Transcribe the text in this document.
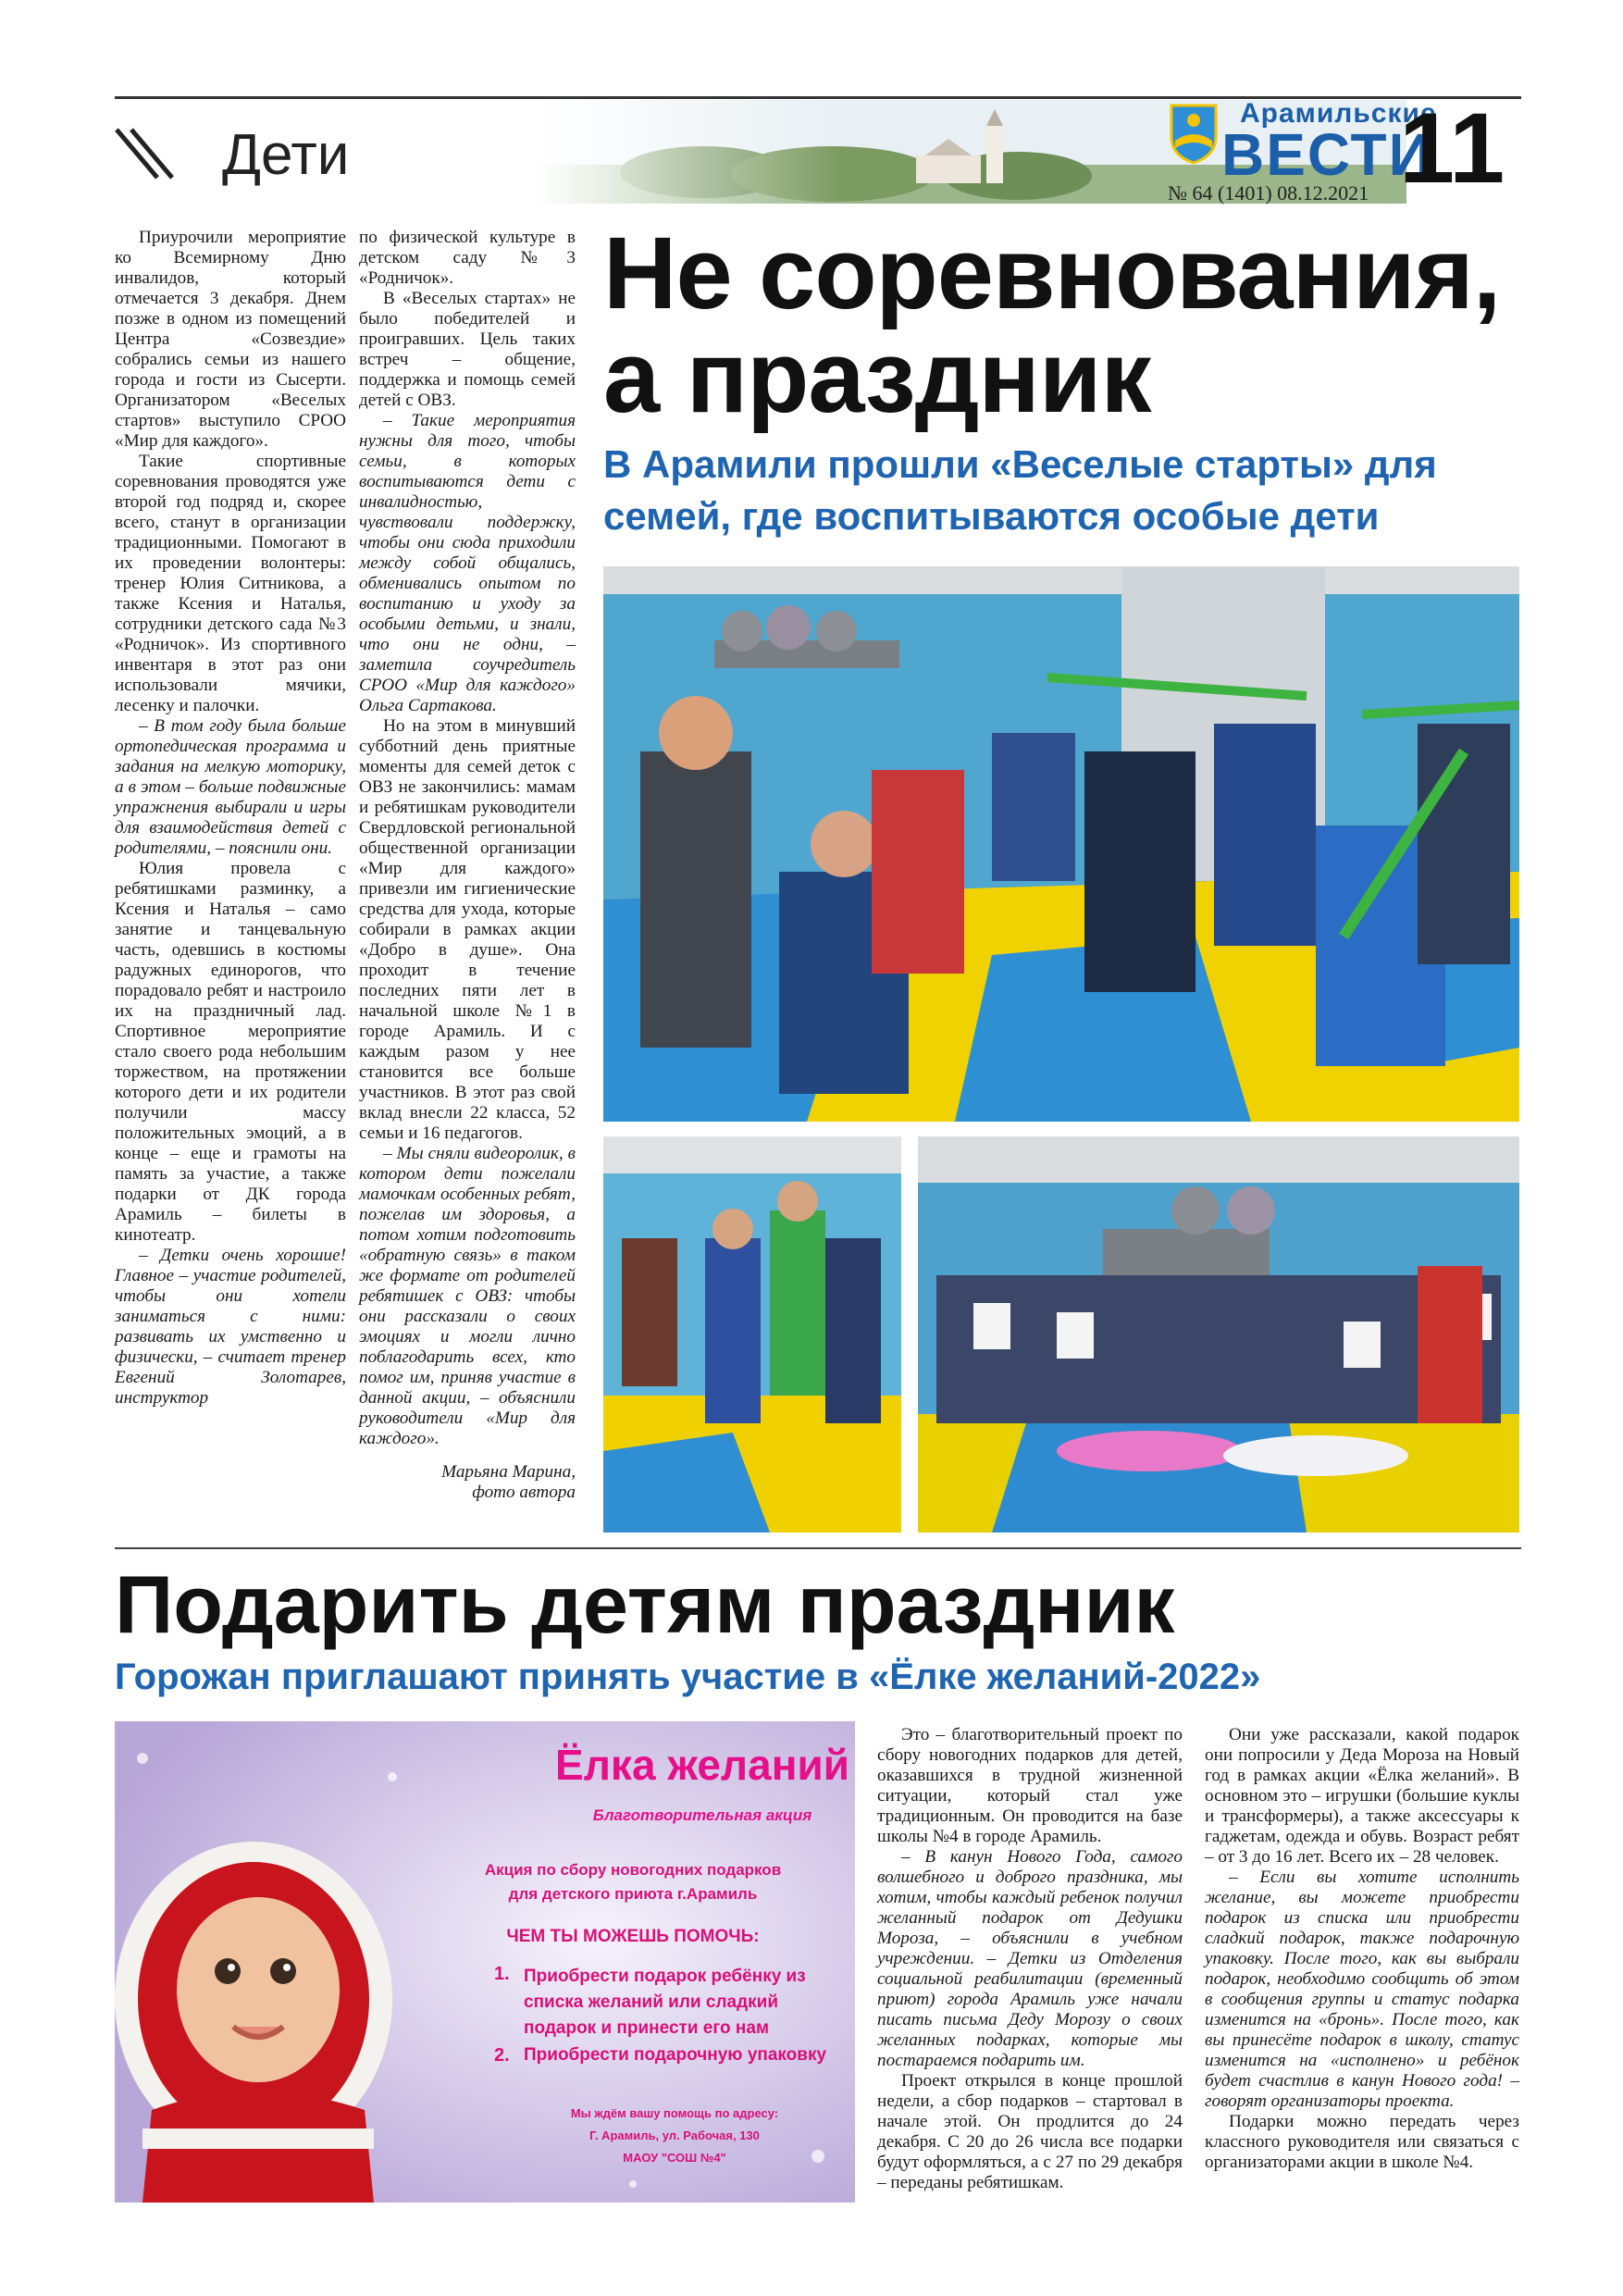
Дети
Арамильские
ВЕСТИ
11
№ 64 (1401) 08.12.2021

Приурочили мероприятие ко Всемирному Дню инвалидов, который отмечается 3 декабря. Днем позже в одном из помещений Центра «Созвездие» собрались семьи из нашего города и гости из Сысерти. Организатором «Веселых стартов» выступило СРОО «Мир для каждого».

Такие спортивные соревнования проводятся уже второй год подряд и, скорее всего, станут в организации традиционными. Помогают в их проведении волонтеры: тренер Юлия Ситникова, а также Ксения и Наталья, сотрудники детского сада №3 «Родничок». Из спортивного инвентаря в этот раз они использовали мячики, лесенку и палочки.

– В том году была больше ортопедическая программа и задания на мелкую моторику, а в этом – больше подвижные упражнения выбирали и игры для взаимодействия детей с родителями, – пояснили они.

Юлия провела с ребятишками разминку, а Ксения и Наталья – само занятие и танцевальную часть, одевшись в костюмы радужных единорогов, что порадовало ребят и настроило их на праздничный лад. Спортивное мероприятие стало своего рода небольшим торжеством, на протяжении которого дети и их родители получили массу положительных эмоций, а в конце – еще и грамоты на память за участие, а также подарки от ДК города Арамиль – билеты в кинотеатр.

– Детки очень хорошие! Главное – участие родителей, чтобы они хотели заниматься с ними: развивать их умственно и физически, – считает тренер Евгений Золотарев, инструктор

по физической культуре в детском саду №3 «Родничок».

В «Веселых стартах» не было победителей и проигравших. Цель таких встреч – общение, поддержка и помощь семей детей с ОВЗ.

– Такие мероприятия нужны для того, чтобы семьи, в которых воспитываются дети с инвалидностью, чувствовали поддержку, чтобы они сюда приходили между собой общались, обменивались опытом по воспитанию и уходу за особыми детьми, и знали, что они не одни, – заметила соучредитель СРОО «Мир для каждого» Ольга Сартакова.

Но на этом в минувший субботний день приятные моменты для семей деток с ОВЗ не закончились: мамам и ребятишкам руководители Свердловской региональной общественной организации «Мир для каждого» привезли им гигиенические средства для ухода, которые собирали в рамках акции «Добро в душе». Она проходит в течение последних пяти лет в начальной школе №1 в городе Арамиль. И с каждым разом у нее становится все больше участников. В этот раз свой вклад внесли 22 класса, 52 семьи и 16 педагогов.

– Мы сняли видеоролик, в котором дети пожелали мамочкам особенных ребят, пожелав им здоровья, а потом хотим подготовить «обратную связь» в таком же формате от родителей ребятишек с ОВЗ: чтобы они рассказали о своих эмоциях и могли лично поблагодарить всех, кто помог им, приняв участие в данной акции, – объяснили руководители «Мир для каждого».

Марьяна Марина,
фото автора

Не соревнования, а праздник
В Арамили прошли «Веселые старты» для семей, где воспитываются особые дети
Подарить детям праздник
Горожан приглашают принять участие в «Ёлке желаний-2022»
Ёлка желаний
Благотворительная акция
Акция по сбору новогодних подарков
для детского приюта г.Арамиль
ЧЕМ ТЫ МОЖЕШЬ ПОМОЧЬ:
1. Приобрести подарок ребёнку из списка желаний или сладкий подарок и принести его нам
2. Приобрести подарочную упаковку
Мы ждём вашу помощь по адресу:
Г. Арамиль, ул. Рабочая, 130
МАОУ "СОШ №4"

Это – благотворительный проект по сбору новогодних подарков для детей, оказавшихся в трудной жизненной ситуации, который стал уже традиционным. Он проводится на базе школы №4 в городе Арамиль.

– В канун Нового Года, самого волшебного и доброго праздника, мы хотим, чтобы каждый ребенок получил желанный подарок от Дедушки Мороза, – объяснили в учебном учреждении. – Детки из Отделения социальной реабилитации (временный приют) города Арамиль уже начали писать письма Деду Морозу о своих желанных подарках, которые мы постараемся подарить им.

Проект открылся в конце прошлой недели, а сбор подарков – стартовал в начале этой. Он продлится до 24 декабря. С 20 до 26 числа все подарки будут оформляться, а с 27 по 29 декабря – переданы ребятишкам.

Они уже рассказали, какой подарок они попросили у Деда Мороза на Новый год в рамках акции «Ёлка желаний». В основном это – игрушки (большие куклы и трансформеры), а также аксессуары к гаджетам, одежда и обувь. Возраст ребят – от 3 до 16 лет. Всего их – 28 человек.

– Если вы хотите исполнить желание, вы можете приобрести подарок из списка или приобрести сладкий подарок, также подарочную упаковку. После того, как вы выбрали подарок, необходимо сообщить об этом в сообщения группы и статус подарка изменится на «бронь». После того, как вы принесёте подарок в школу, статус изменится на «исполнено» и ребёнок будет счастлив в канун Нового года! – говорят организаторы проекта.

Подарки можно передать через классного руководителя или связаться с организаторами акции в школе №4.
